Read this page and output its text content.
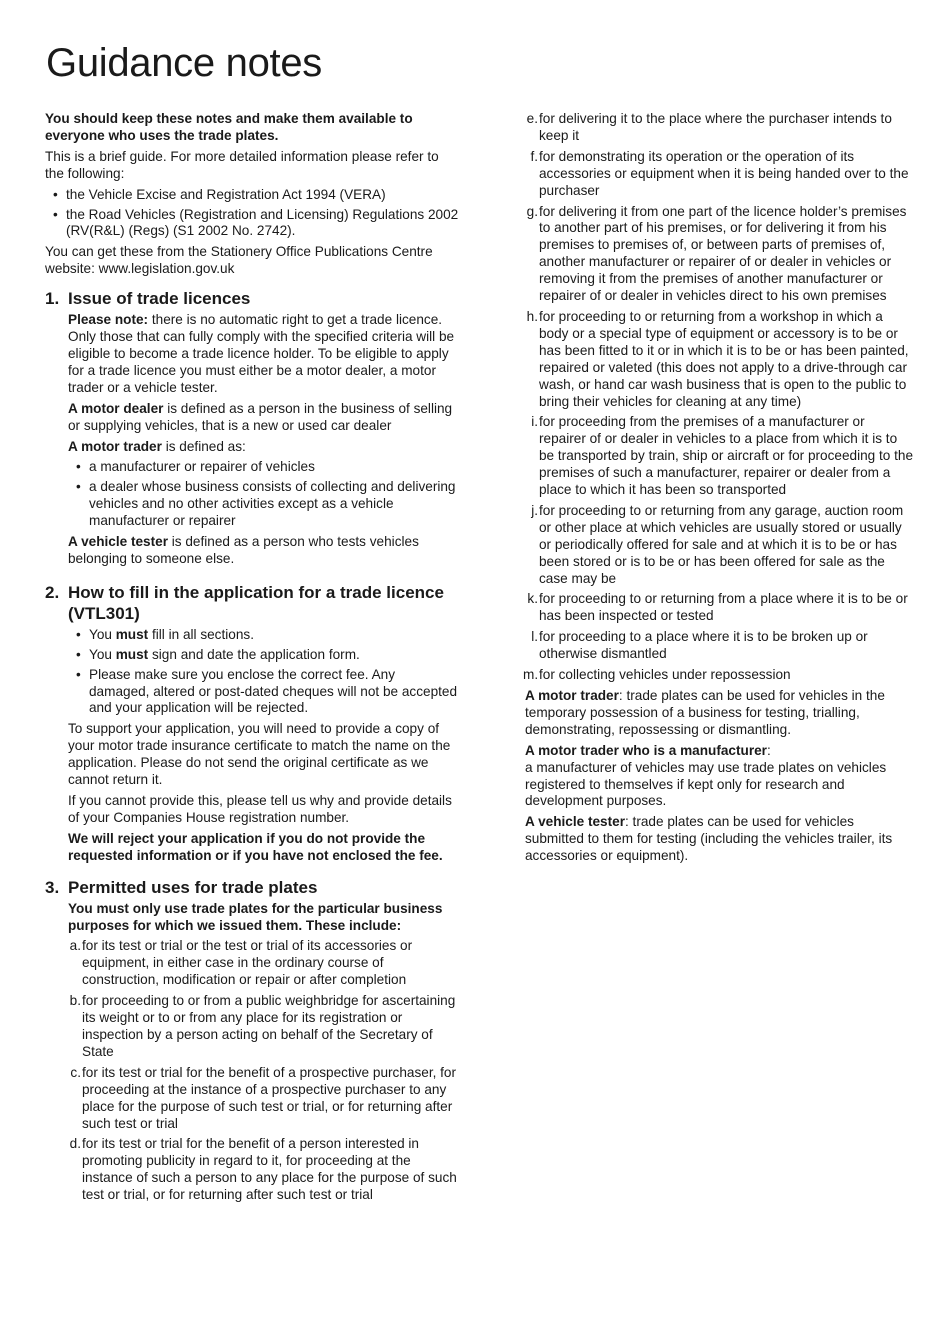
Guidance notes

You should keep these notes and make them available to everyone who uses the trade plates.

This is a brief guide. For more detailed information please refer to the following:

• the Vehicle Excise and Registration Act 1994 (VERA)
• the Road Vehicles (Registration and Licensing) Regulations 2002 (RV(R&L) (Regs) (S1 2002 No. 2742).

You can get these from the Stationery Office Publications Centre website: www.legislation.gov.uk

1. Issue of trade licences

Please note: there is no automatic right to get a trade licence. Only those that can fully comply with the specified criteria will be eligible to become a trade licence holder. To be eligible to apply for a trade licence you must either be a motor dealer, a motor trader or a vehicle tester.

A motor dealer is defined as a person in the business of selling or supplying vehicles, that is a new or used car dealer

A motor trader is defined as:

• a manufacturer or repairer of vehicles
• a dealer whose business consists of collecting and delivering vehicles and no other activities except as a vehicle manufacturer or repairer

A vehicle tester is defined as a person who tests vehicles belonging to someone else.

2. How to fill in the application for a trade licence (VTL301)
• You must fill in all sections.
• You must sign and date the application form.
• Please make sure you enclose the correct fee. Any damaged, altered or post-dated cheques will not be accepted and your application will be rejected.

To support your application, you will need to provide a copy of your motor trade insurance certificate to match the name on the application. Please do not send the original certificate as we cannot return it.

If you cannot provide this, please tell us why and provide details of your Companies House registration number.

We will reject your application if you do not provide the requested information or if you have not enclosed the fee.

3. Permitted uses for trade plates

You must only use trade plates for the particular business purposes for which we issued them. These include:

a. for its test or trial or the test or trial of its accessories or equipment, in either case in the ordinary course of construction, modification or repair or after completion
b. for proceeding to or from a public weighbridge for ascertaining its weight or to or from any place for its registration or inspection by a person acting on behalf of the Secretary of State
c. for its test or trial for the benefit of a prospective purchaser, for proceeding at the instance of a prospective purchaser to any place for the purpose of such test or trial, or for returning after such test or trial
d. for its test or trial for the benefit of a person interested in promoting publicity in regard to it, for proceeding at the instance of such a person to any place for the purpose of such test or trial, or for returning after such test or trial
e. for delivering it to the place where the purchaser intends to keep it
f. for demonstrating its operation or the operation of its accessories or equipment when it is being handed over to the purchaser
g. for delivering it from one part of the licence holder’s premises to another part of his premises, or for delivering it from his premises to premises of, or between parts of premises of, another manufacturer or repairer of or dealer in vehicles or removing it from the premises of another manufacturer or repairer of or dealer in vehicles direct to his own premises
h. for proceeding to or returning from a workshop in which a body or a special type of equipment or accessory is to be or has been fitted to it or in which it is to be or has been painted, repaired or valeted (this does not apply to a drive-through car wash, or hand car wash business that is open to the public to bring their vehicles for cleaning at any time)
i. for proceeding from the premises of a manufacturer or repairer of or dealer in vehicles to a place from which it is to be transported by train, ship or aircraft or for proceeding to the premises of such a manufacturer, repairer or dealer from a place to which it has been so transported
j. for proceeding to or returning from any garage, auction room or other place at which vehicles are usually stored or usually or periodically offered for sale and at which it is to be or has been stored or is to be or has been offered for sale as the case may be
k. for proceeding to or returning from a place where it is to be or has been inspected or tested
l. for proceeding to a place where it is to be broken up or otherwise dismantled
m. for collecting vehicles under repossession

A motor trader: trade plates can be used for vehicles in the temporary possession of a business for testing, trialling, demonstrating, repossessing or dismantling.

A motor trader who is a manufacturer:
a manufacturer of vehicles may use trade plates on vehicles registered to themselves if kept only for research and development purposes.

A vehicle tester: trade plates can be used for vehicles submitted to them for testing (including the vehicles trailer, its accessories or equipment).
